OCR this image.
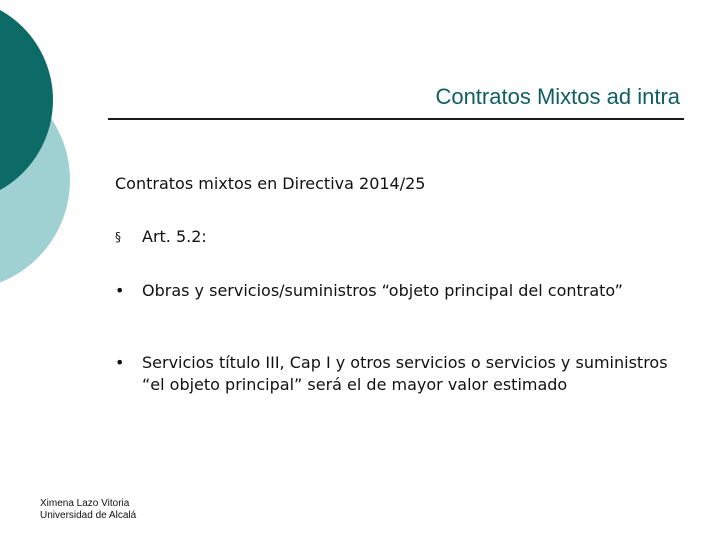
Contratos Mixtos ad intra
Contratos mixtos en Directiva 2014/25
§	Art. 5.2:
•	Obras y servicios/suministros “objeto principal del contrato”
•	Servicios título III, Cap I y otros servicios o servicios y suministros “el objeto principal” será el de mayor valor estimado
Ximena Lazo Vitoria
Universidad de Alcalá
